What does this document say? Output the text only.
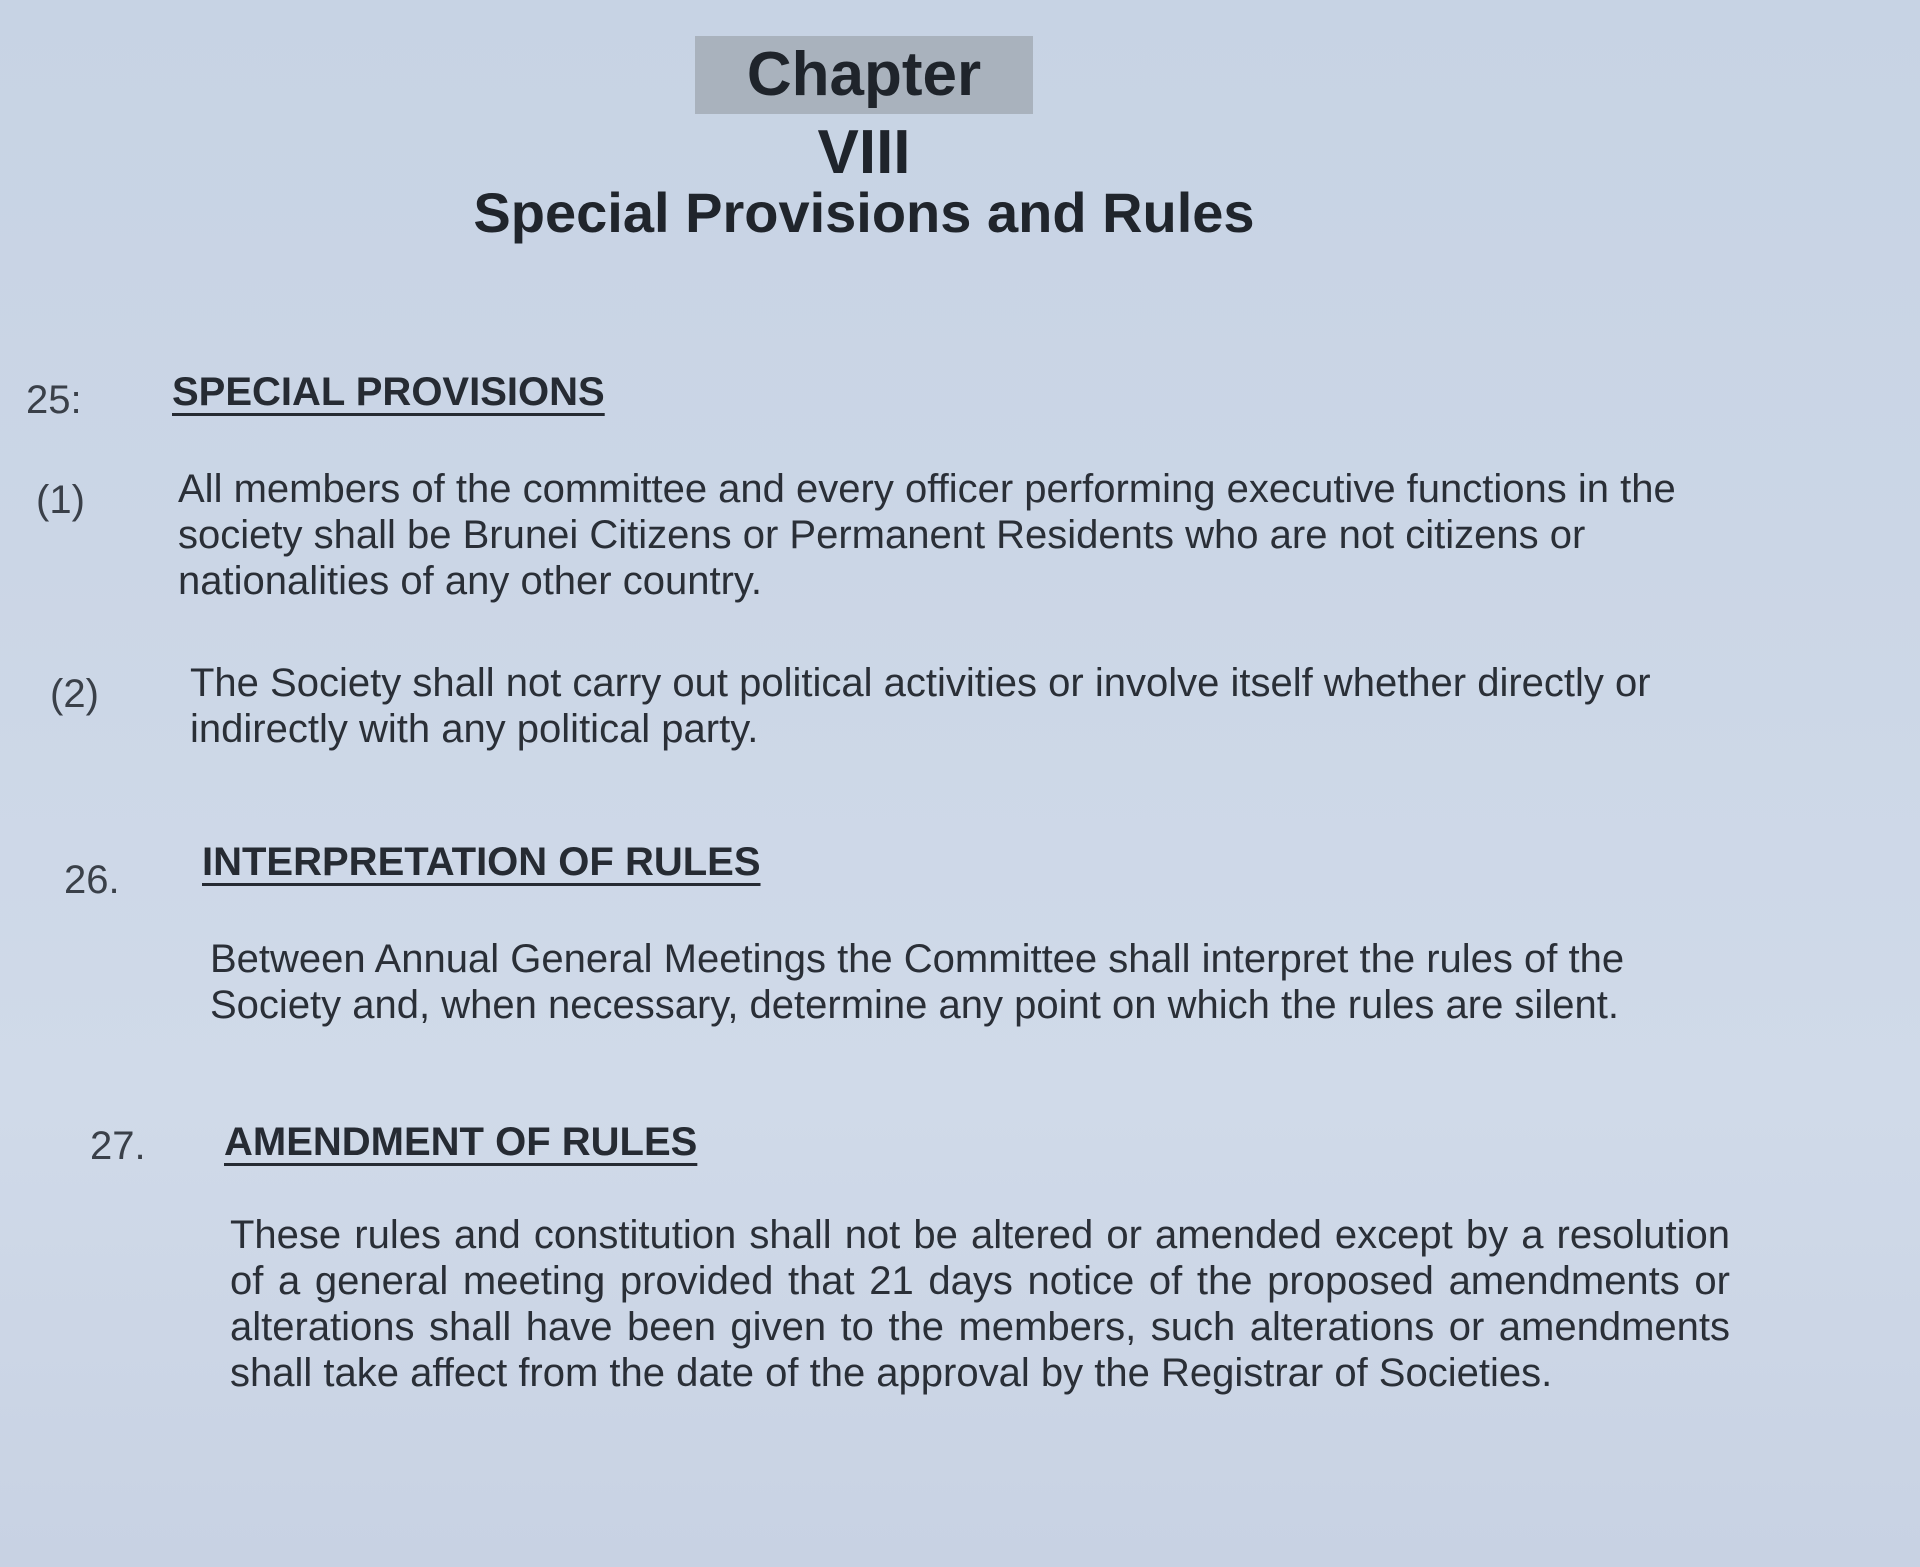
Chapter VIII
Special Provisions and Rules
25: SPECIAL PROVISIONS
(1) All members of the committee and every officer performing executive functions in the society shall be Brunei Citizens or Permanent Residents who are not citizens or nationalities of any other country.
(2) The Society shall not carry out political activities or involve itself whether directly or indirectly with any political party.
26. INTERPRETATION OF RULES
Between Annual General Meetings the Committee shall interpret the rules of the Society and, when necessary, determine any point on which the rules are silent.
27. AMENDMENT OF RULES
These rules and constitution shall not be altered or amended except by a resolution of a general meeting provided that 21 days notice of the proposed amendments or alterations shall have been given to the members, such alterations or amendments shall take affect from the date of the approval by the Registrar of Societies.
